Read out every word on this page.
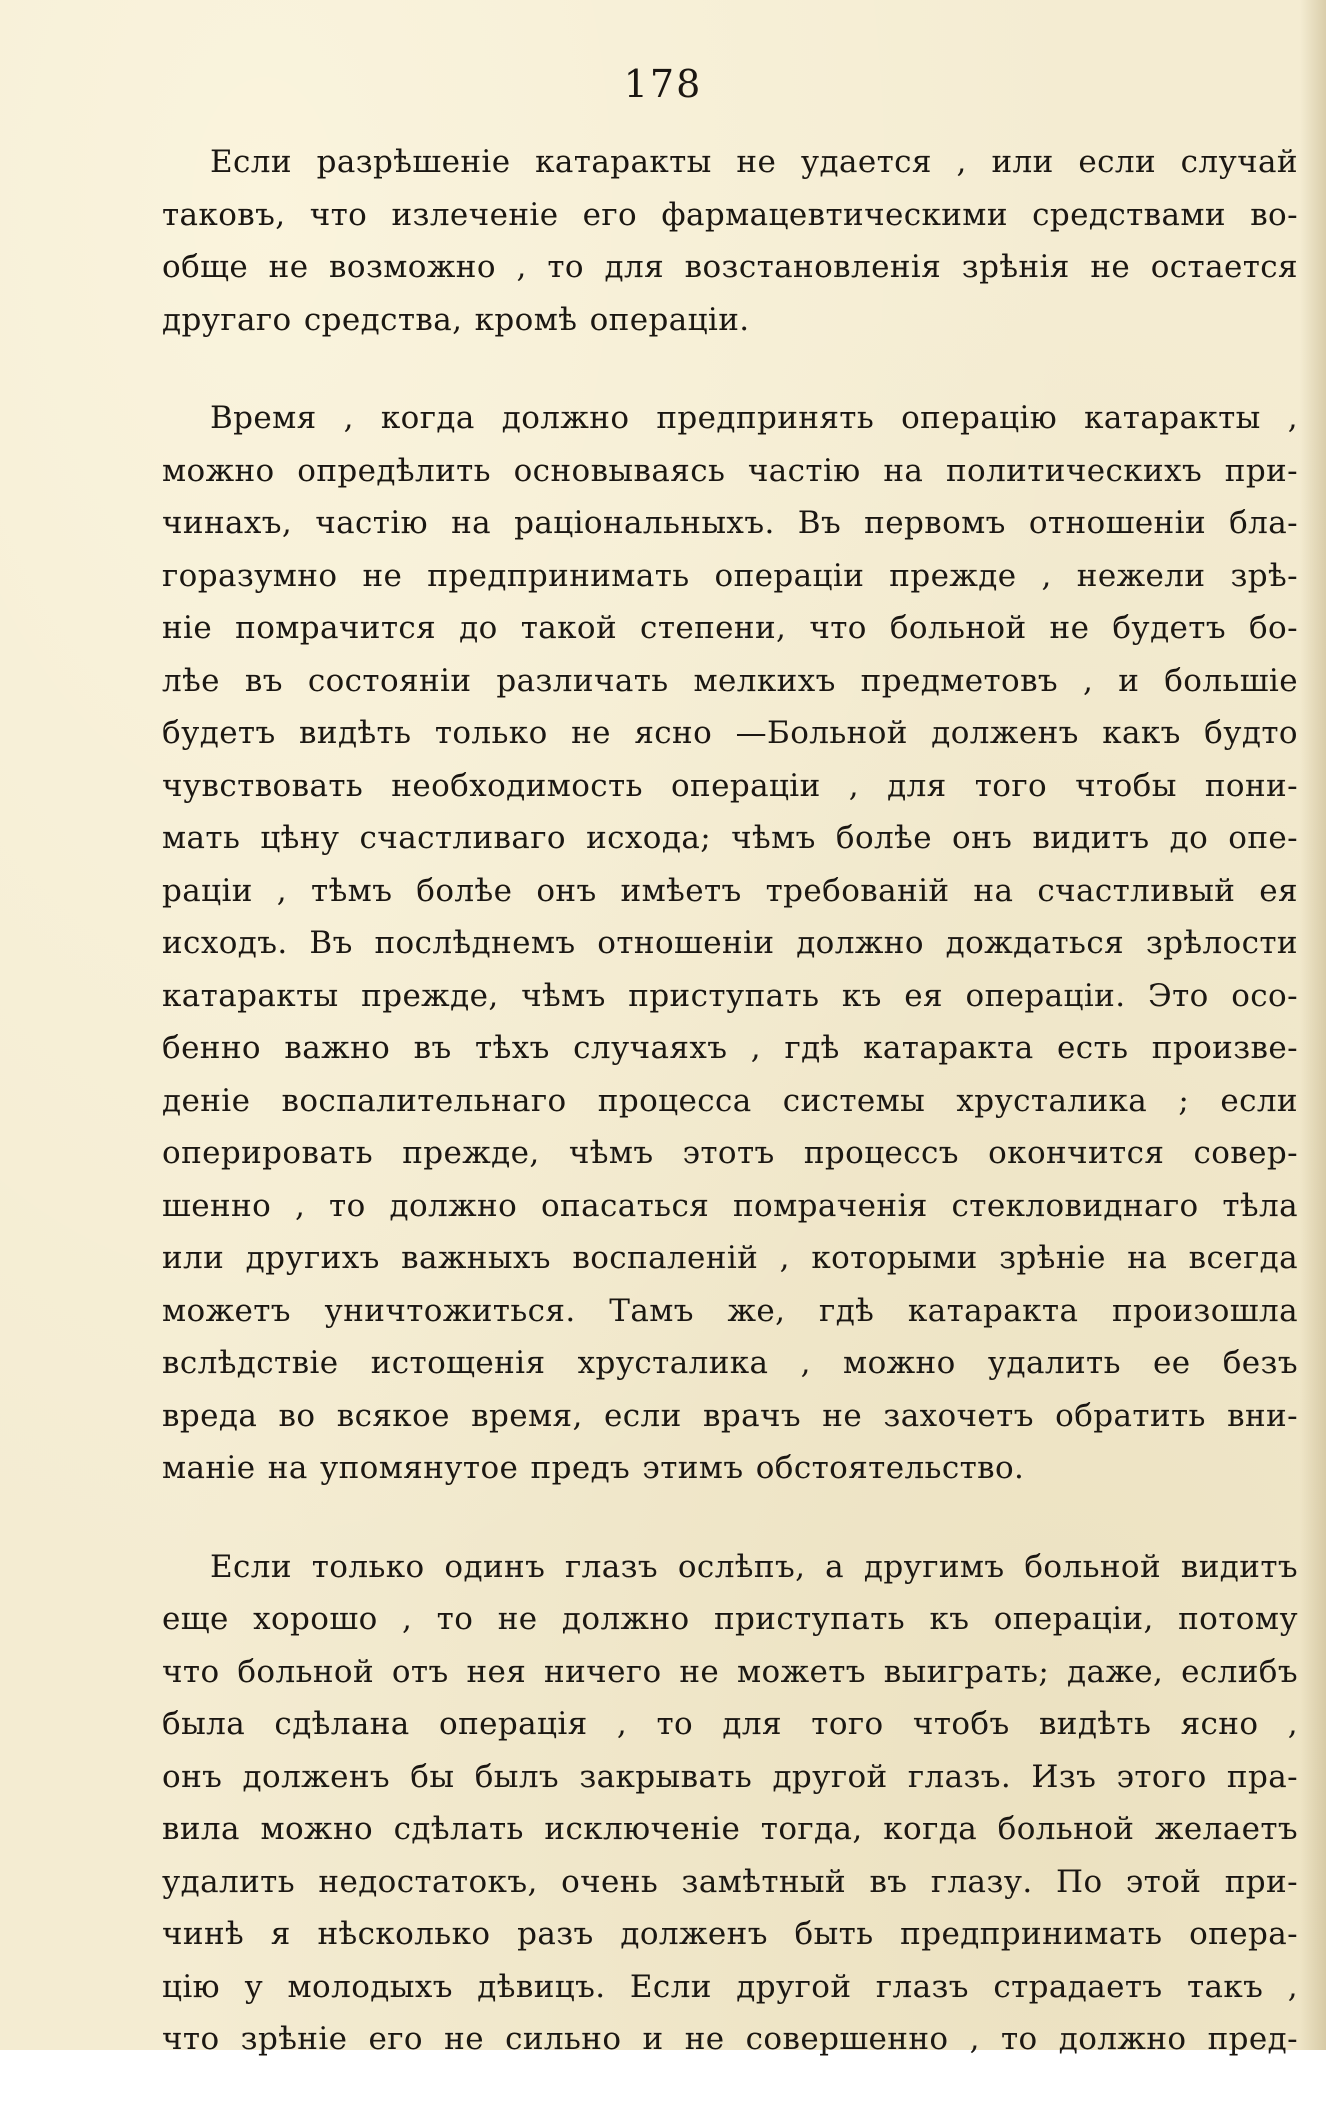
178
Если разрѣшеніе катаракты не удается , или если случай
таковъ, что излеченіе его фармацевтическими средствами во-
обще не возможно , то для возстановленія зрѣнія не остается
другаго средства, кромѣ операціи.
Время , когда должно предпринять операцію катаракты ,
можно опредѣлить основываясь частію на политическихъ при-
чинахъ, частію на раціональныхъ. Въ первомъ отношеніи бла-
горазумно не предпринимать операціи прежде , нежели зрѣ-
ніе помрачится до такой степени, что больной не будетъ бо-
лѣе въ состояніи различать мелкихъ предметовъ , и большіе
будетъ видѣть только не ясно —Больной долженъ какъ будто
чувствовать необходимость операціи , для того чтобы пони-
мать цѣну счастливаго исхода; чѣмъ болѣе онъ видитъ до опе-
раціи , тѣмъ болѣе онъ имѣетъ требованій на счастливый ея
исходъ. Въ послѣднемъ отношеніи должно дождаться зрѣлости
катаракты прежде, чѣмъ приступать къ ея операціи. Это осо-
бенно важно въ тѣхъ случаяхъ , гдѣ катаракта есть произве-
деніе воспалительнаго процесса системы хрусталика ; если
оперировать прежде, чѣмъ этотъ процессъ окончится совер-
шенно , то должно опасаться помраченія стекловиднаго тѣла
или другихъ важныхъ воспаленій , которыми зрѣніе на всегда
можетъ уничтожиться. Тамъ же, гдѣ катаракта произошла
вслѣдствіе истощенія хрусталика , можно удалить ее безъ
вреда во всякое время, если врачъ не захочетъ обратить вни-
маніе на упомянутое предъ этимъ обстоятельство.
Если только одинъ глазъ ослѣпъ, а другимъ больной видитъ
еще хорошо , то не должно приступать къ операціи, потому
что больной отъ нея ничего не можетъ выиграть; даже, еслибъ
была сдѣлана операція , то для того чтобъ видѣть ясно ,
онъ долженъ бы былъ закрывать другой глазъ. Изъ этого пра-
вила можно сдѣлать исключеніе тогда, когда больной желаетъ
удалить недостатокъ, очень замѣтный въ глазу. По этой при-
чинѣ я нѣсколько разъ долженъ быть предпринимать опера-
цію у молодыхъ дѣвицъ. Если другой глазъ страдаетъ такъ ,
что зрѣніе его не сильно и не совершенно , то должно пред-
